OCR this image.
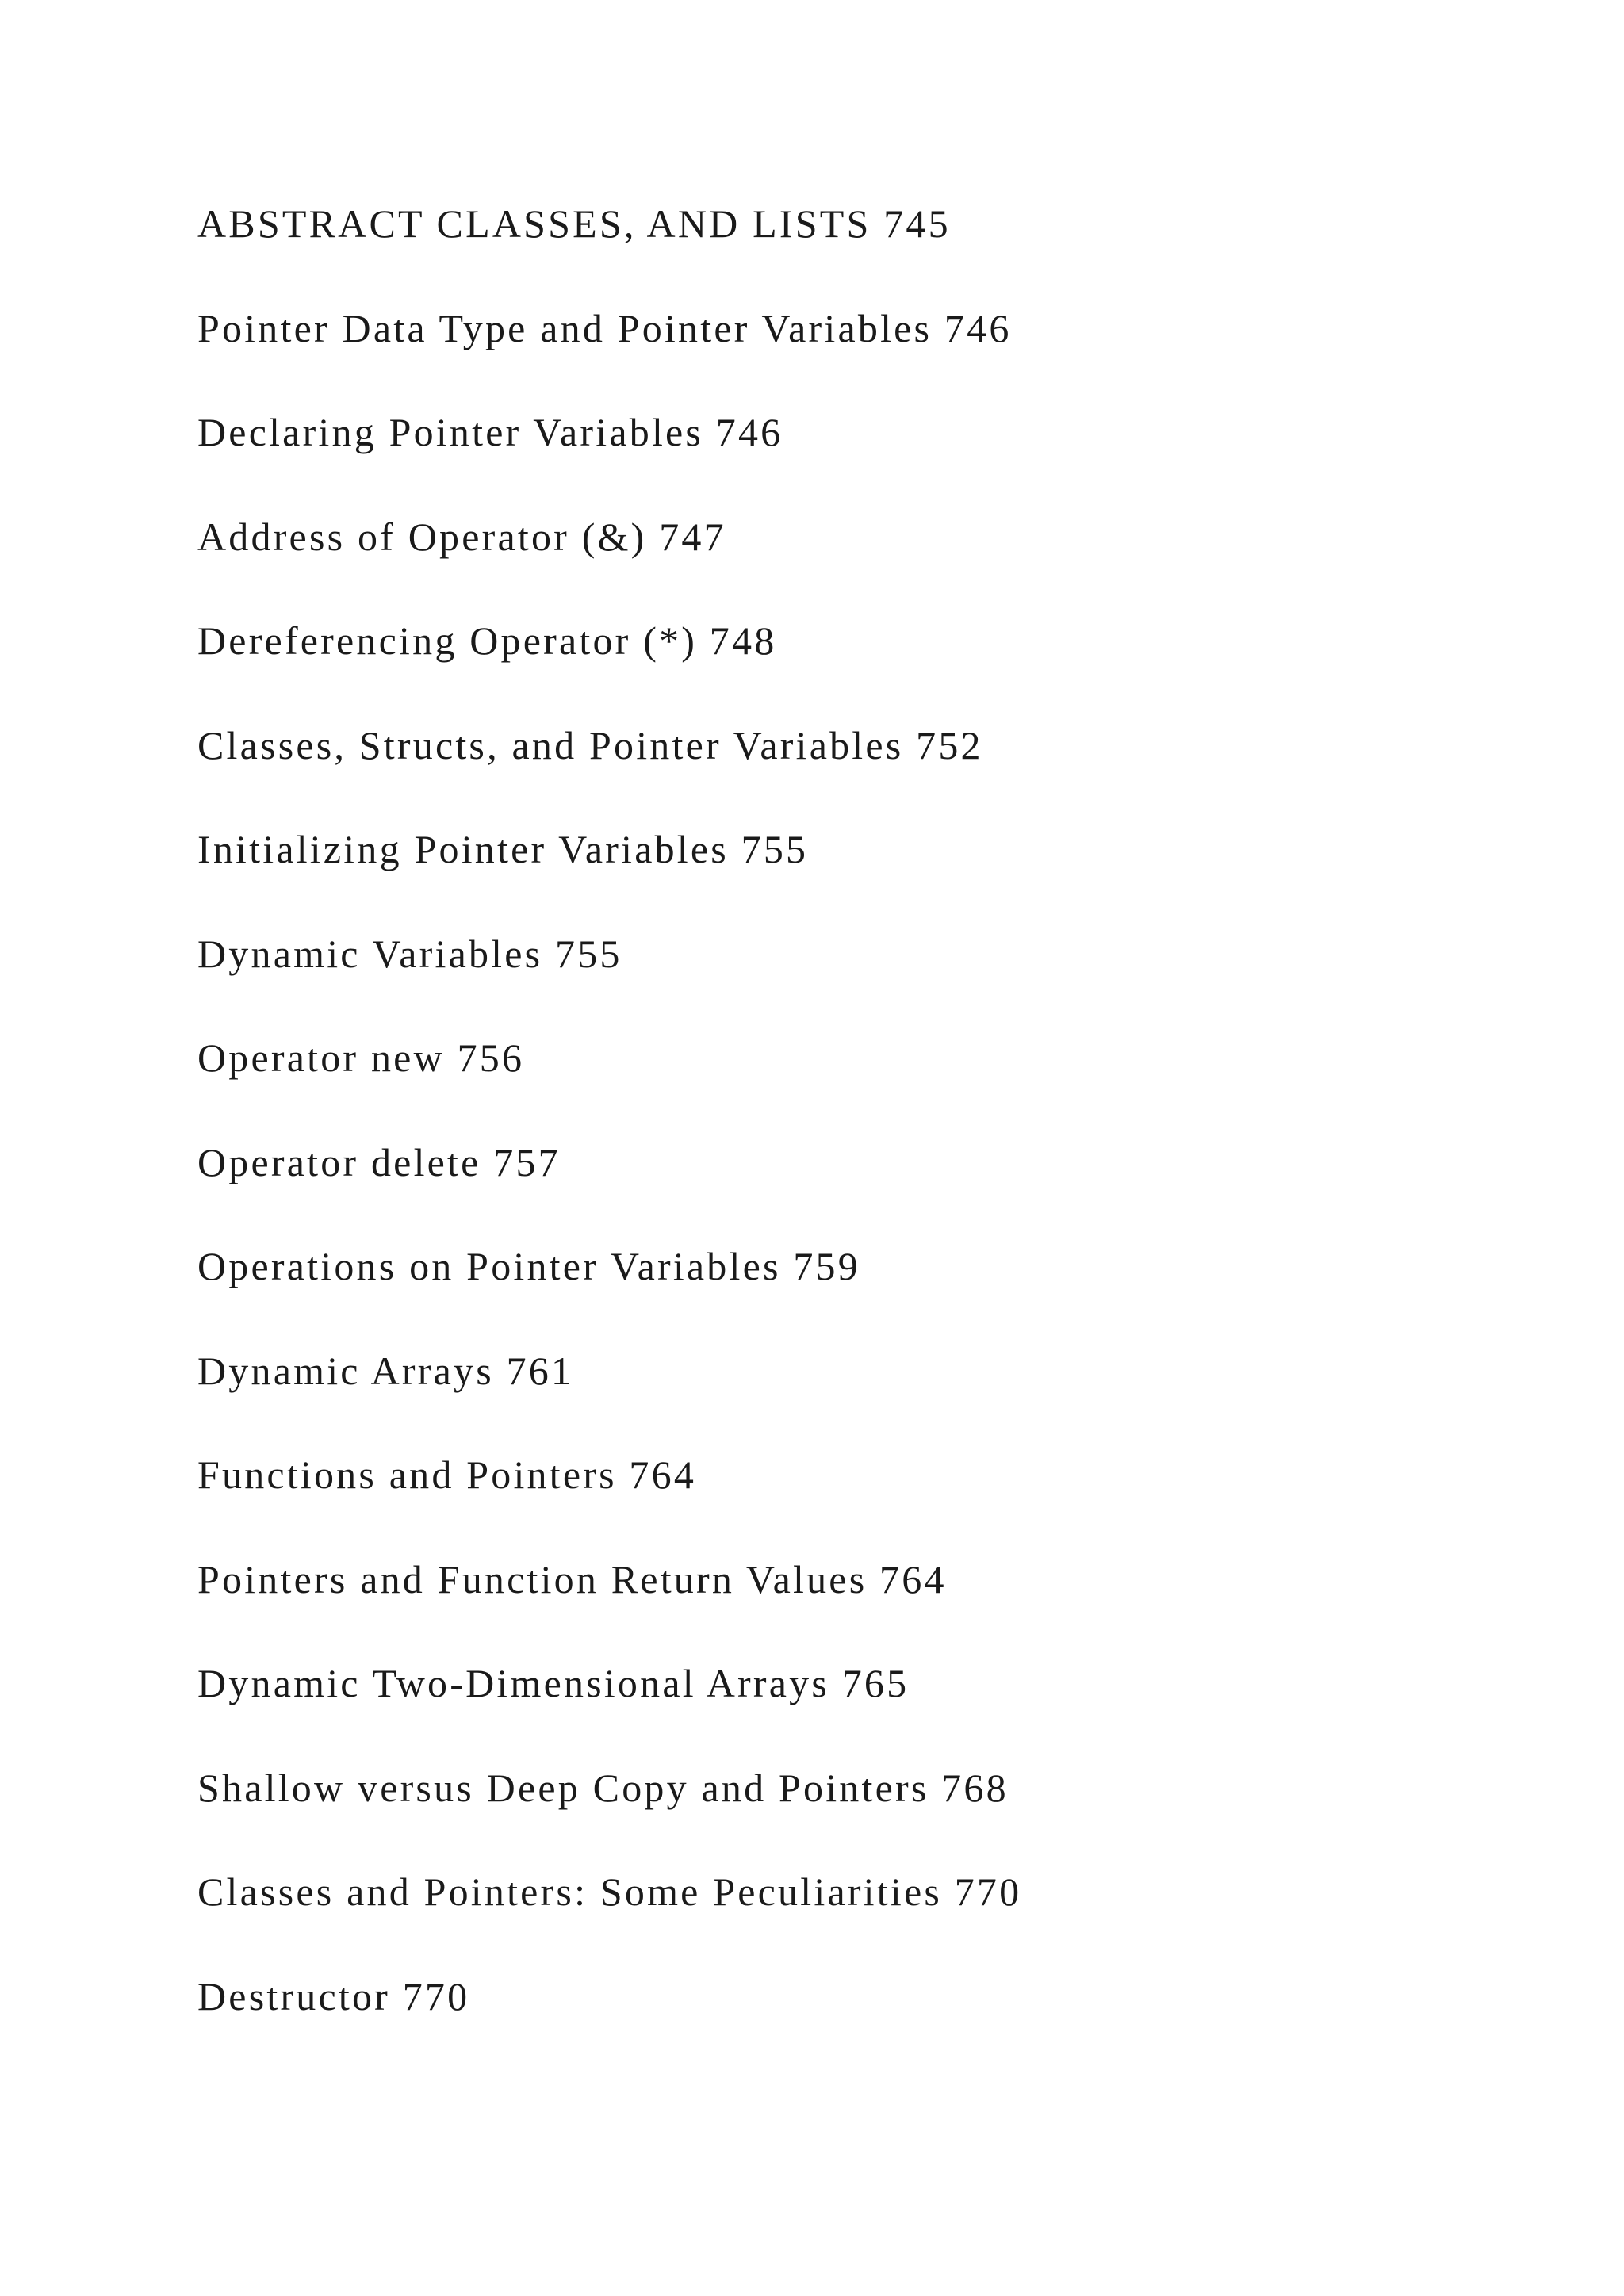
ABSTRACT CLASSES, AND LISTS 745
Pointer Data Type and Pointer Variables 746
Declaring Pointer Variables 746
Address of Operator (&) 747
Dereferencing Operator (*) 748
Classes, Structs, and Pointer Variables 752
Initializing Pointer Variables 755
Dynamic Variables 755
Operator new 756
Operator delete 757
Operations on Pointer Variables 759
Dynamic Arrays 761
Functions and Pointers 764
Pointers and Function Return Values 764
Dynamic Two-Dimensional Arrays 765
Shallow versus Deep Copy and Pointers 768
Classes and Pointers: Some Peculiarities 770
Destructor 770
